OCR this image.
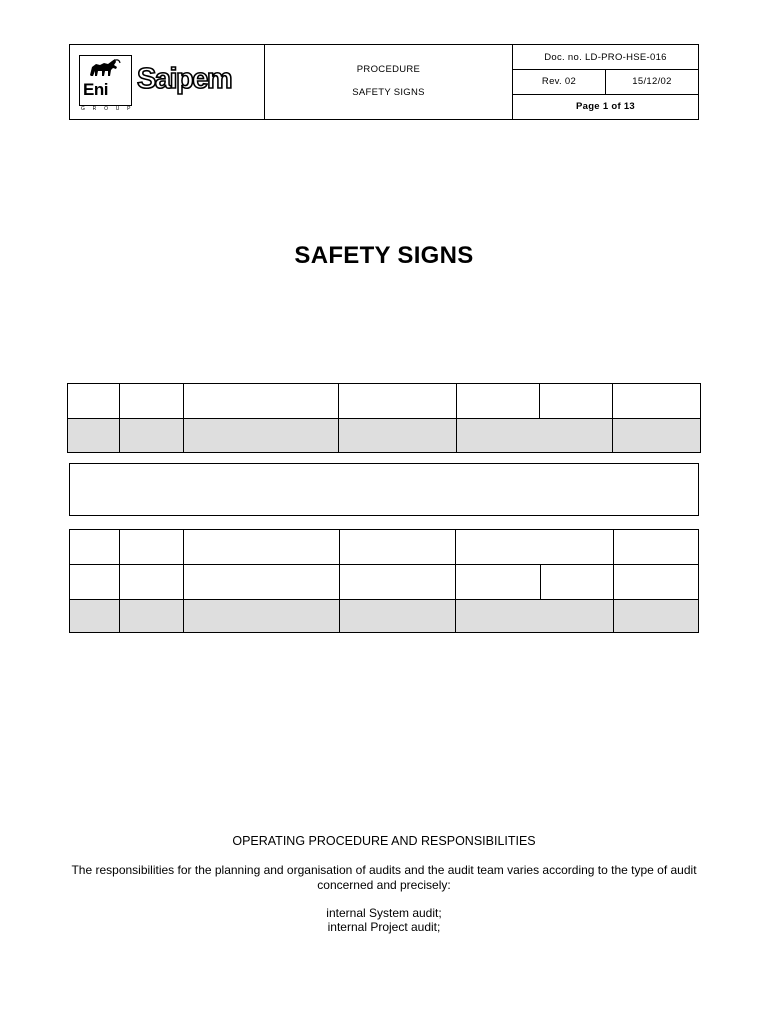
Eni
G R O U P
Saipem	PROCEDURE
SAFETY SIGNS
Doc. no. LD-PRO-HSE-016
Rev. 02	15/12/02
Page 1 of 13
SAFETY SIGNS
OPERATING PROCEDURE AND RESPONSIBILITIES
The responsibilities for the planning and organisation of audits and the audit team varies according to the type of audit concerned and precisely:
internal System audit;
internal Project audit;
